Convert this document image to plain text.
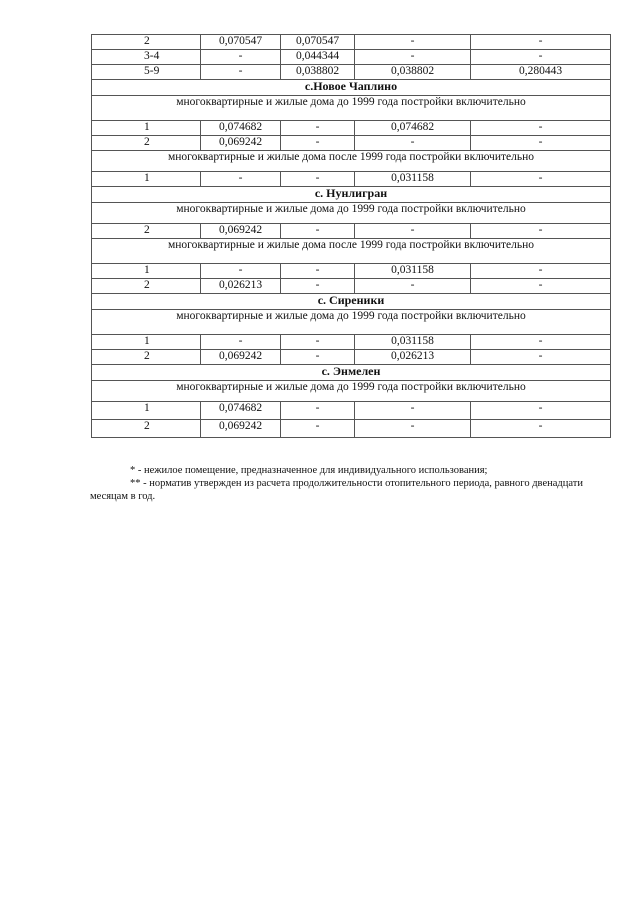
2	0,070547	0,070547	-	-
3-4	-	0,044344	-	-
5-9	-	0,038802	0,038802	0,280443
с.Новое Чаплино				
многоквартирные и жилые дома до 1999 года постройки включительно				
1	0,074682	-	0,074682	-
2	0,069242	-	-	-
многоквартирные и жилые дома после 1999 года постройки включительно				
1	-	-	0,031158	-
с. Нунлигран				
многоквартирные и жилые дома до 1999 года постройки включительно				
2	0,069242	-	-	-
многоквартирные и жилые дома после 1999 года постройки включительно				
1	-	-	0,031158	-
2	0,026213	-	-	-
с. Сиреники				
многоквартирные и жилые дома до 1999 года постройки включительно				
1	-	-	0,031158	-
2	0,069242	-	0,026213	-
с. Энмелен				
многоквартирные и жилые дома до 1999 года постройки включительно				
1	0,074682	-	-	-
2	0,069242	-	-	-

* - нежилое помещение, предназначенное для индивидуального использования;

** - норматив утвержден из расчета продолжительности отопительного периода, равного двенадцати месяцам в год.
